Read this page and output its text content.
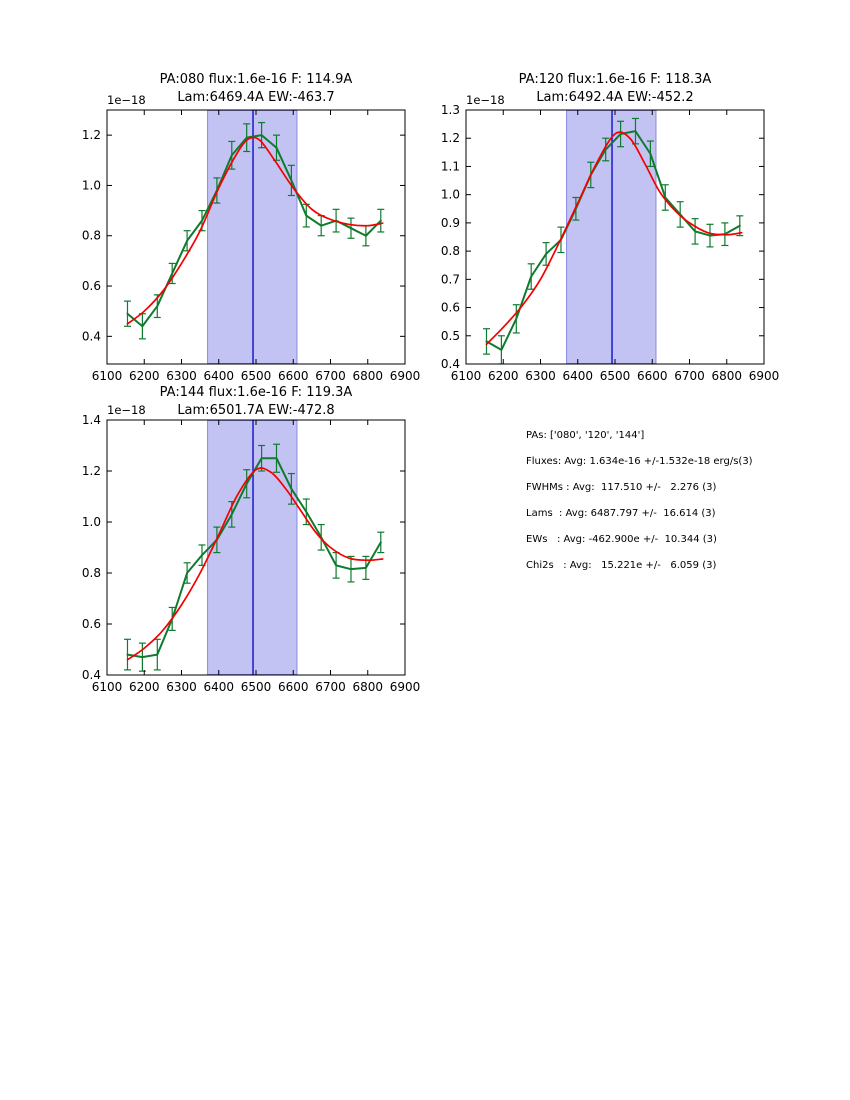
6100 6200 6300 6400 6500 6600 6700 6800 6900
0.4
0.6
0.8
1.0
1.2
6100 6200 6300 6400 6500 6600 6700 6800 6900
0.4
0.5
0.6
0.7
0.8
0.9
1.0
1.1
1.2
1.3
6100 6200 6300 6400 6500 6600 6700 6800 6900
0.4
0.6
0.8
1.0
1.2
1.4
PA:080 flux:1.6e-16 F: 114.9A
Lam:6469.4A EW:-463.7
1e−18
PA:120 flux:1.6e-16 F: 118.3A
Lam:6492.4A EW:-452.2
1e−18
PA:144 flux:1.6e-16 F: 119.3A
Lam:6501.7A EW:-472.8
1e−18
PAs: ['080', '120', '144']
Fluxes: Avg: 1.634e-16 +/-1.532e-18 erg/s(3)
FWHMs : Avg:  117.510 +/-   2.276 (3)
Lams  : Avg: 6487.797 +/-  16.614 (3)
EWs   : Avg: -462.900e +/-  10.344 (3)
Chi2s   : Avg:   15.221e +/-   6.059 (3)
